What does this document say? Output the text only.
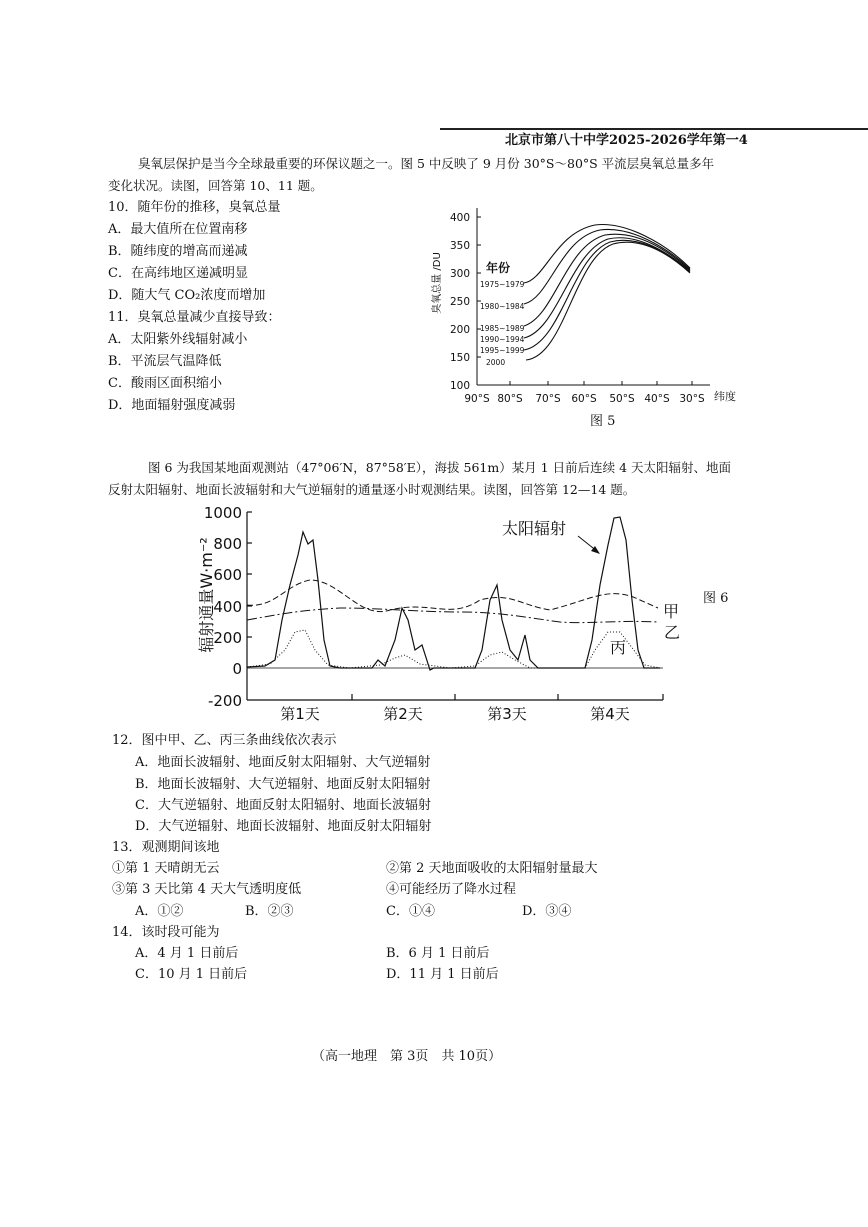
北京市第八十中学2025-2026学年第一4
臭氧层保护是当今全球最重要的环保议题之一。图 5 中反映了 9 月份 30°S～80°S 平流层臭氧总量多年
变化状况。读图，回答第 10、11 题。
10．随年份的推移，臭氧总量
A．最大值所在位置南移
B．随纬度的增高而递减
C．在高纬地区递减明显
D．随大气 CO₂浓度而增加
11．臭氧总量减少直接导致：
A．太阳紫外线辐射减小
B．平流层气温降低
C．酸雨区面积缩小
D．地面辐射强度减弱
400
350
300
250
200
150
100
90°S 80°S 70°S 60°S 50°S 40°S 30°S 纬度
臭氧总量 /DU	年份
1975~1979
1980~1984
1985~1989
1990~1994
1995~1999
2000
图 5
图 6 为我国某地面观测站（47°06′N，87°58′E），海拔 561m）某月 1 日前后连续 4 天太阳辐射、地面
反射太阳辐射、地面长波辐射和大气逆辐射的通量逐小时观测结果。读图，回答第 12—14 题。
1000
800
600
400
200
0
-200
第1天	第2天	第3天	第4天
辐射通量W·m⁻²
太阳辐射
甲
乙
丙
图 6
12．图中甲、乙、丙三条曲线依次表示
A．地面长波辐射、地面反射太阳辐射、大气逆辐射
B．地面长波辐射、大气逆辐射、地面反射太阳辐射
C．大气逆辐射、地面反射太阳辐射、地面长波辐射
D．大气逆辐射、地面长波辐射、地面反射太阳辐射
13．观测期间该地
①第 1 天晴朗无云	②第 2 天地面吸收的太阳辐射量最大
③第 3 天比第 4 天大气透明度低	④可能经历了降水过程
A．①②	B．②③	C．①④	D．③④
14．该时段可能为
A．4 月 1 日前后	B．6 月 1 日前后
C．10 月 1 日前后	D．11 月 1 日前后
（高一地理　第 3页　共 10页）
